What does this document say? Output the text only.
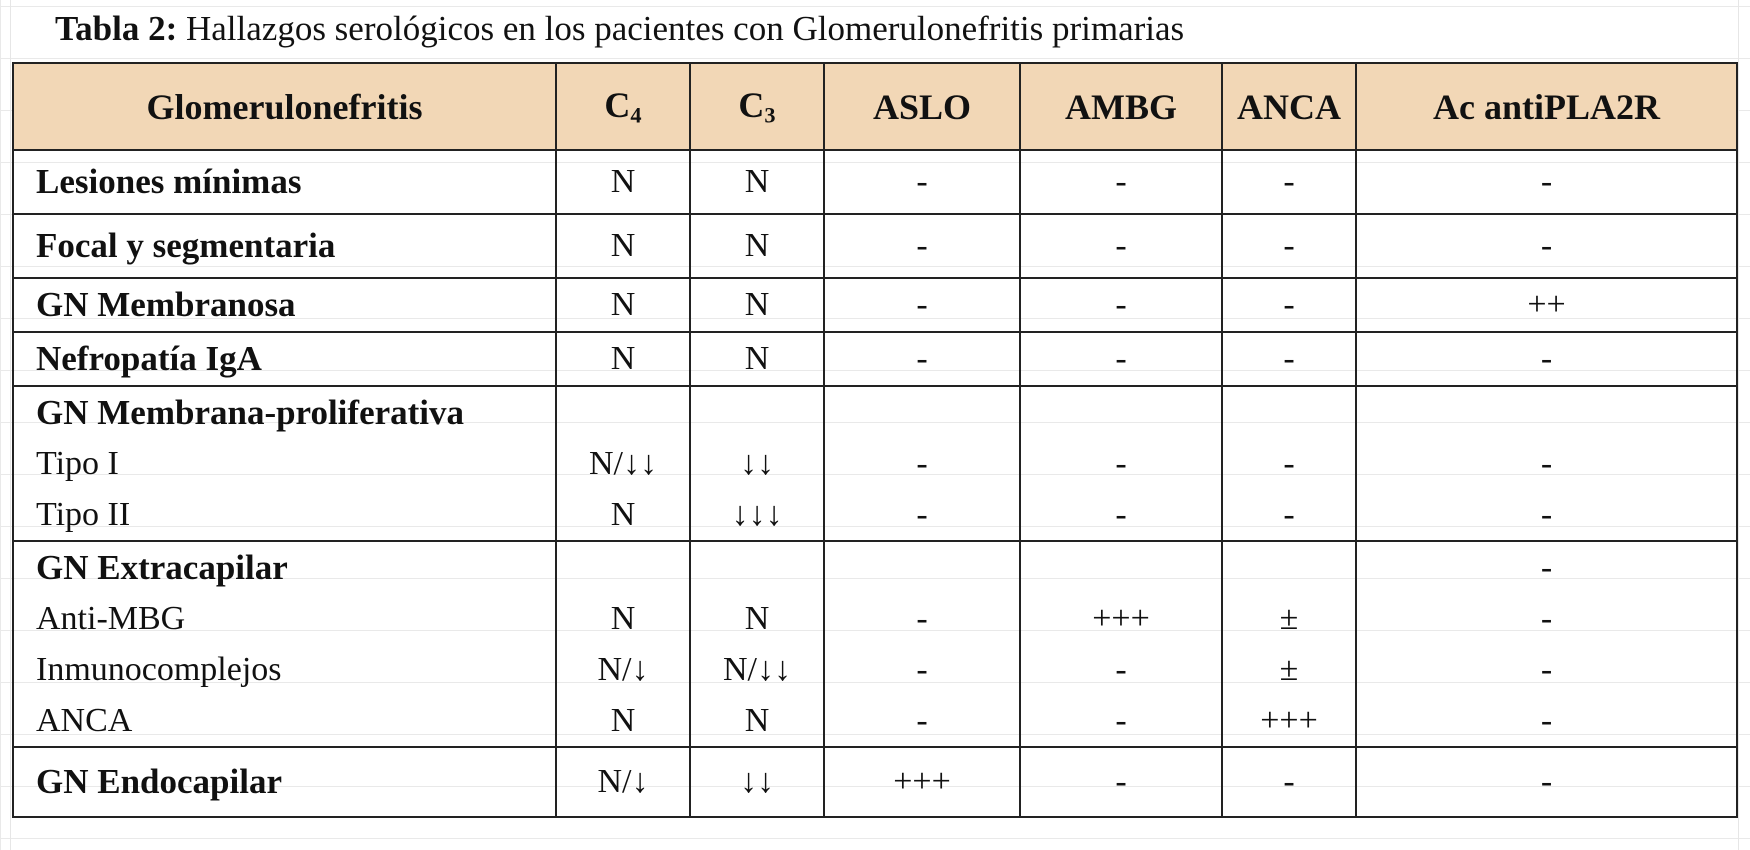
Tabla 2: Hallazgos serológicos en los pacientes con Glomerulonefritis primarias
Glomerulonefritis	$C_4$	$C_3$	ASLO	AMBG	ANCA	Ac antiPLA2R
Lesiones mínimas	N	N	-	-	-	-
Focal y segmentaria	N	N	-	-	-	-
GN Membranosa	N	N	-	-	-	++
Nefropatía IgA	N	N	-	-	-	-
GN Membrana-proliferativa						
Tipo I	N/↓↓	↓↓	-	-	-	-
Tipo II	N	↓↓↓	-	-	-	-
GN Extracapilar						-
Anti-MBG	N	N	-	+++	±	-
Inmunocomplejos	N/↓	N/↓↓	-	-	±	-
ANCA	N	N	-	-	+++	-
GN Endocapilar	N/↓	↓↓	+++	-	-	-
